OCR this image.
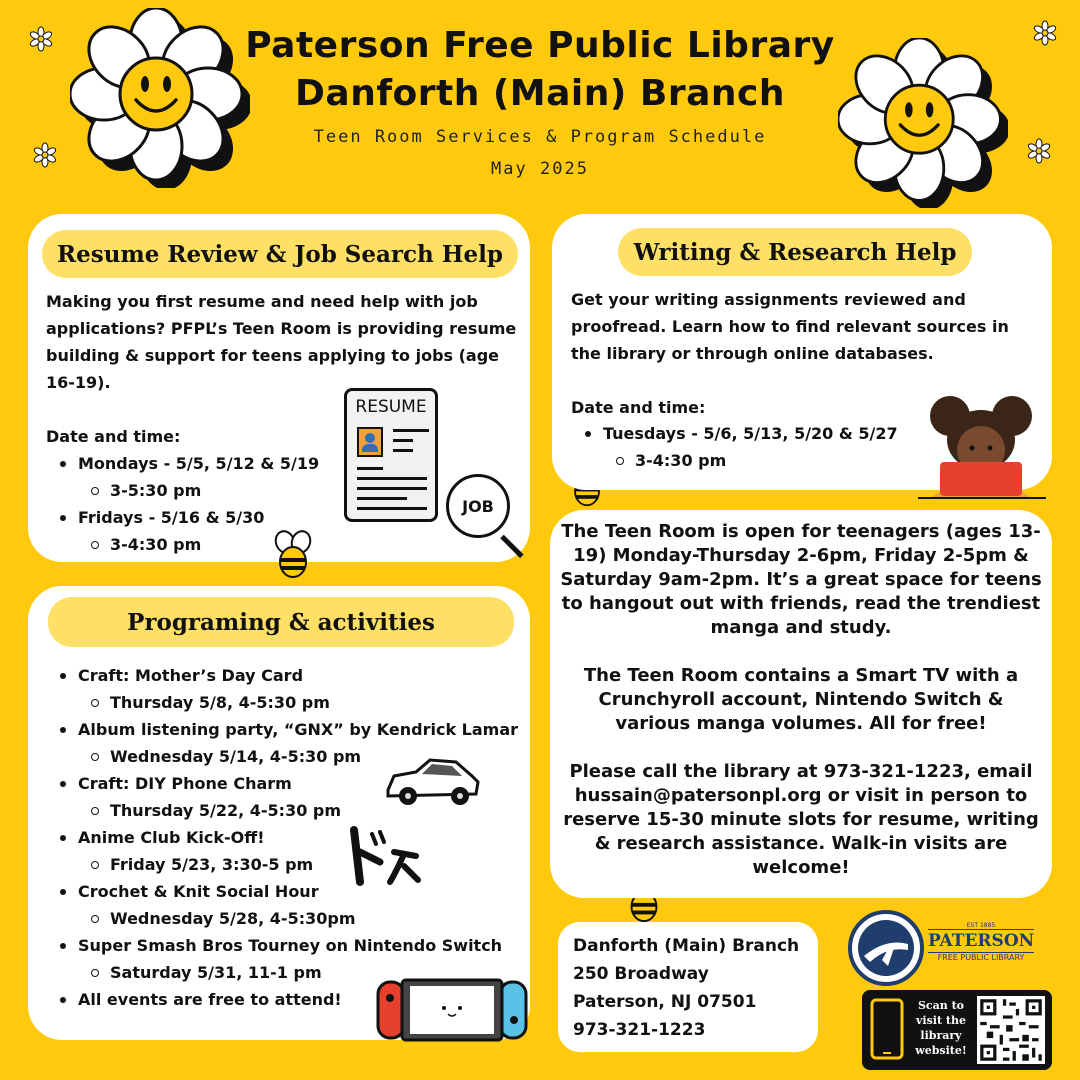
Paterson Free Public Library
Danforth (Main) Branch
Teen Room Services & Program Schedule
May 2025
Resume Review & Job Search Help
Making you first resume and need help with job applications? PFPL’s Teen Room is providing resume building & support for teens applying to jobs (age 16-19).
Date and time:
Mondays - 5/5, 5/12 & 5/19
3-5:30 pm
Fridays - 5/16 & 5/30
3-4:30 pm
RESUME
JOB
Writing & Research Help
Get your writing assignments reviewed and proofread. Learn how to find relevant sources in the library or through online databases.
Date and time:
Tuesdays - 5/6, 5/13, 5/20 & 5/27
3-4:30 pm
The Teen Room is open for teenagers (ages 13-19) Monday-Thursday 2-6pm, Friday 2-5pm & Saturday 9am-2pm. It’s a great space for teens to hangout out with friends, read the trendiest manga and study.
The Teen Room contains a Smart TV with a Crunchyroll account, Nintendo Switch & various manga volumes. All for free!
Please call the library at 973-321-1223, email hussain@patersonpl.org or visit in person to reserve 15-30 minute slots for resume, writing & research assistance. Walk-in visits are welcome!
Programing & activities
Craft: Mother’s Day Card
Thursday 5/8, 4-5:30 pm
Album listening party, “GNX” by Kendrick Lamar
Wednesday 5/14, 4-5:30 pm
Craft: DIY Phone Charm
Thursday 5/22, 4-5:30 pm
Anime Club Kick-Off!
Friday 5/23, 3:30-5 pm
Crochet & Knit Social Hour
Wednesday 5/28, 4-5:30pm
Super Smash Bros Tourney on Nintendo Switch
Saturday 5/31, 11-1 pm
All events are free to attend!
Danforth (Main) Branch
250 Broadway
Paterson, NJ 07501
973-321-1223
EST 1885
PATERSON
FREE PUBLIC LIBRARY
Scan to visit the library website!
